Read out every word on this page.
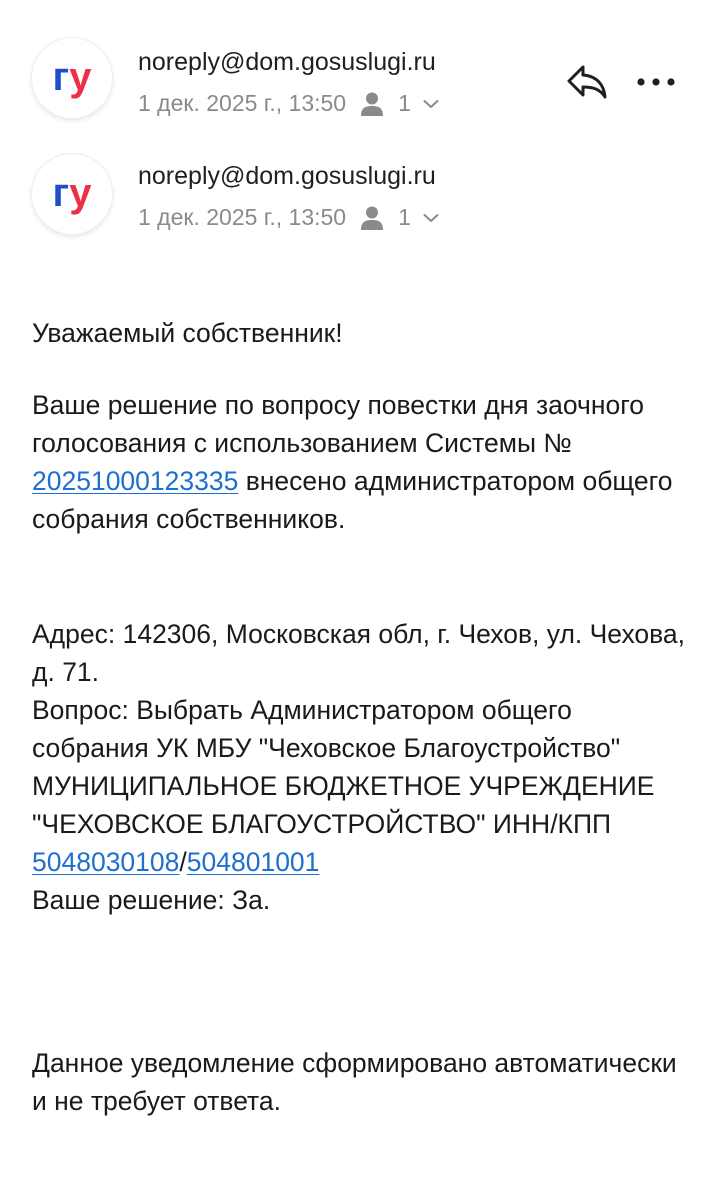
гу noreply@dom.gosuslugi.ru
1 дек. 2025 г., 13:50 1
гу noreply@dom.gosuslugi.ru
1 дек. 2025 г., 13:50 1

Уважаемый собственник!

Ваше решение по вопросу повестки дня заочного голосования с использованием Системы № 20251000123335 внесено администратором общего собрания собственников.

Адрес: 142306, Московская обл, г. Чехов, ул. Чехова, д. 71.

Вопрос: Выбрать Администратором общего собрания УК МБУ "Чеховское Благоустройство" МУНИЦИПАЛЬНОЕ БЮДЖЕТНОЕ УЧРЕЖДЕНИЕ "ЧЕХОВСКОЕ БЛАГОУСТРОЙСТВО" ИНН/КПП
5048030108/504801001

Ваше решение: За.

Данное уведомление сформировано автоматически и не требует ответа.
